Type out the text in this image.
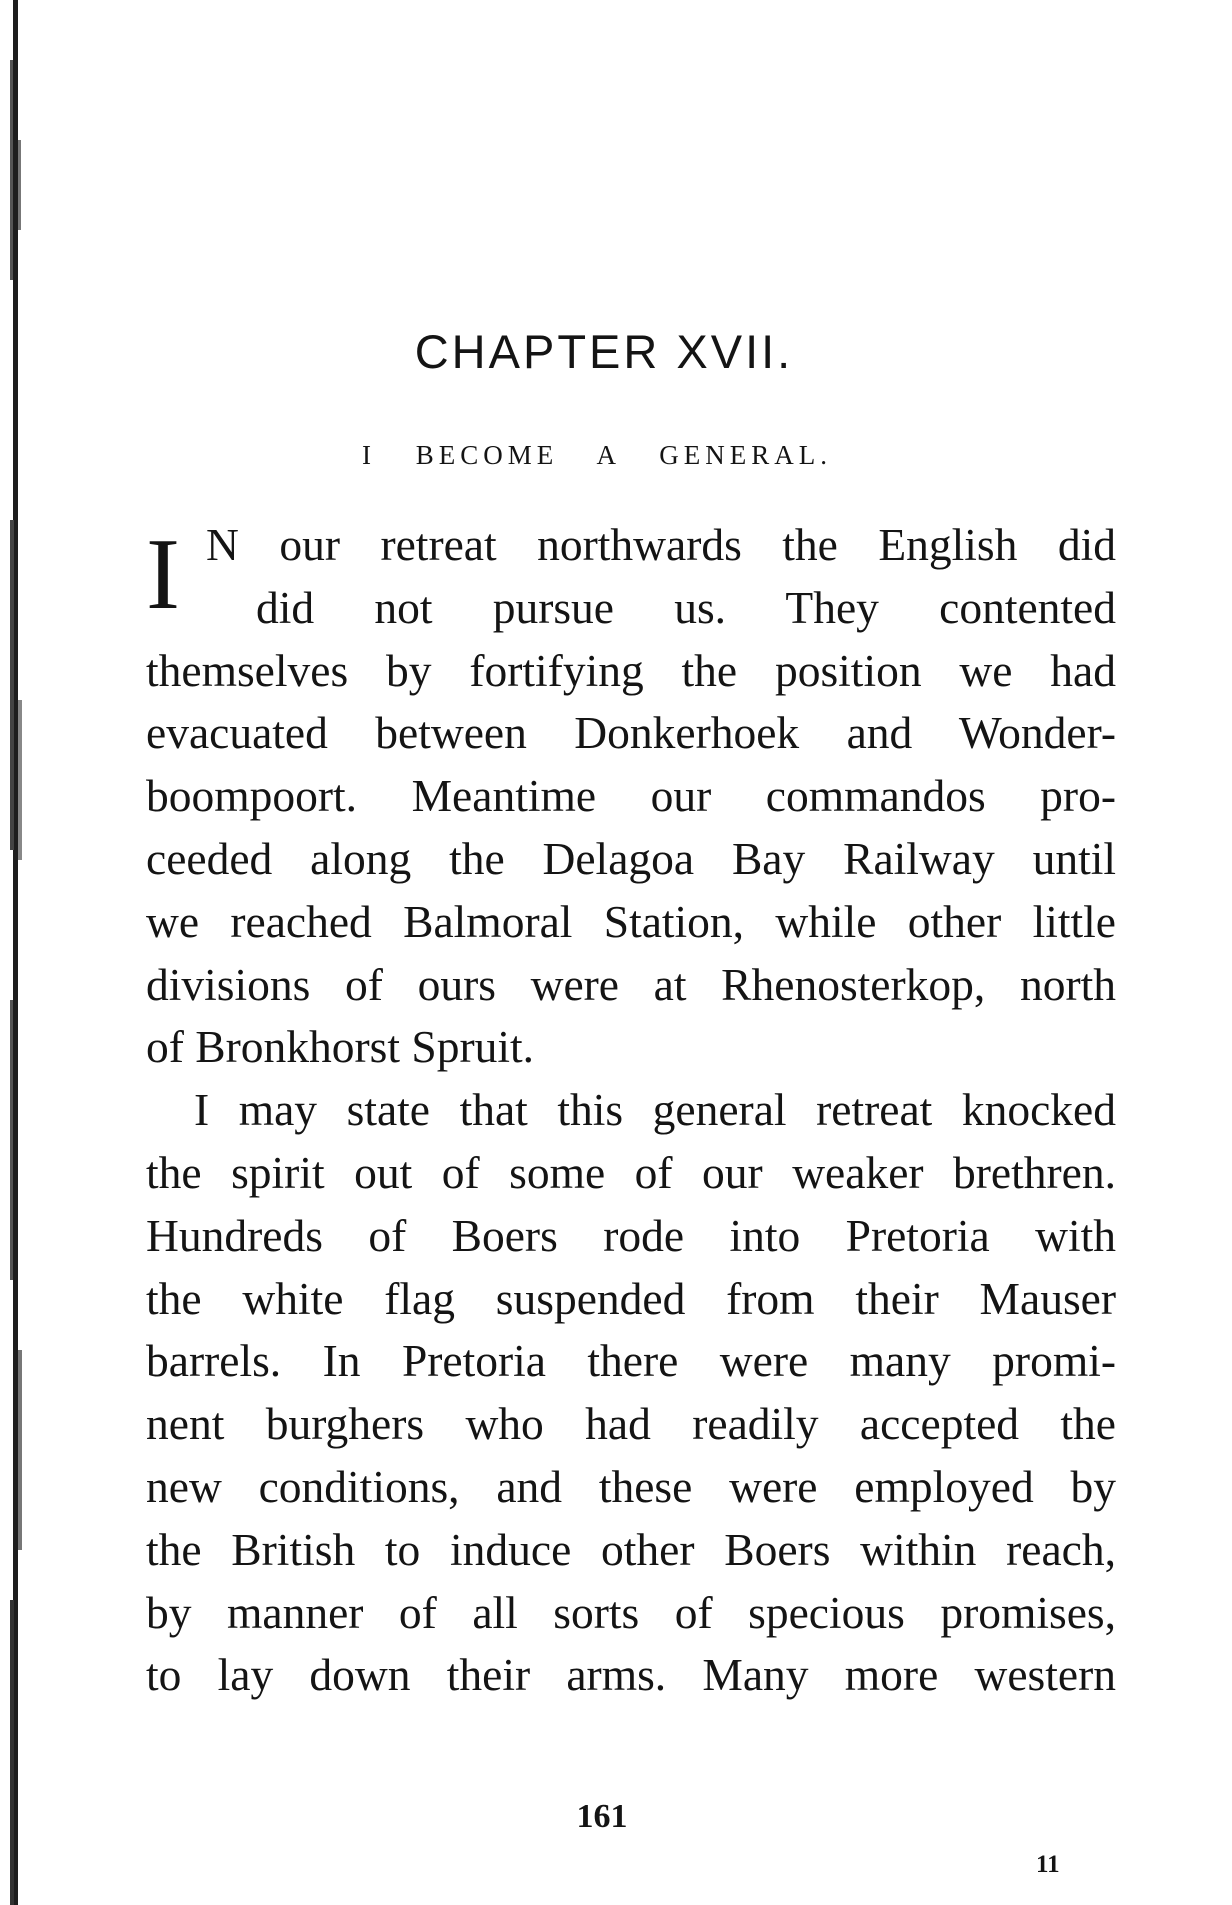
CHAPTER XVII.
I BECOME A GENERAL.
I N our retreat northwards the English did
did not pursue us. They contented
themselves by fortifying the position we had
evacuated between Donkerhoek and Wonder-
boompoort. Meantime our commandos pro-
ceeded along the Delagoa Bay Railway until
we reached Balmoral Station, while other little
divisions of ours were at Rhenosterkop, north
of Bronkhorst Spruit.
I may state that this general retreat knocked
the spirit out of some of our weaker brethren.
Hundreds of Boers rode into Pretoria with
the white flag suspended from their Mauser
barrels. In Pretoria there were many promi-
nent burghers who had readily accepted the
new conditions, and these were employed by
the British to induce other Boers within reach,
by manner of all sorts of specious promises,
to lay down their arms. Many more western
161
11
